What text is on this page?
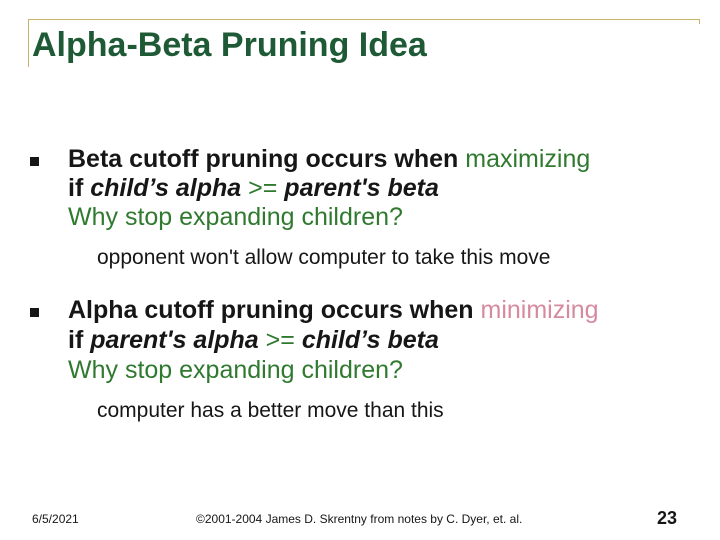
Alpha-Beta Pruning Idea
Beta cutoff pruning occurs when maximizing
if child’s alpha >= parent's beta
Why stop expanding children?
opponent won't allow computer to take this move
Alpha cutoff pruning occurs when minimizing
if parent's alpha >= child’s beta
Why stop expanding children?
computer has a better move than this
6/5/2021	©2001-2004 James D. Skrentny from notes by C. Dyer, et. al.	23
